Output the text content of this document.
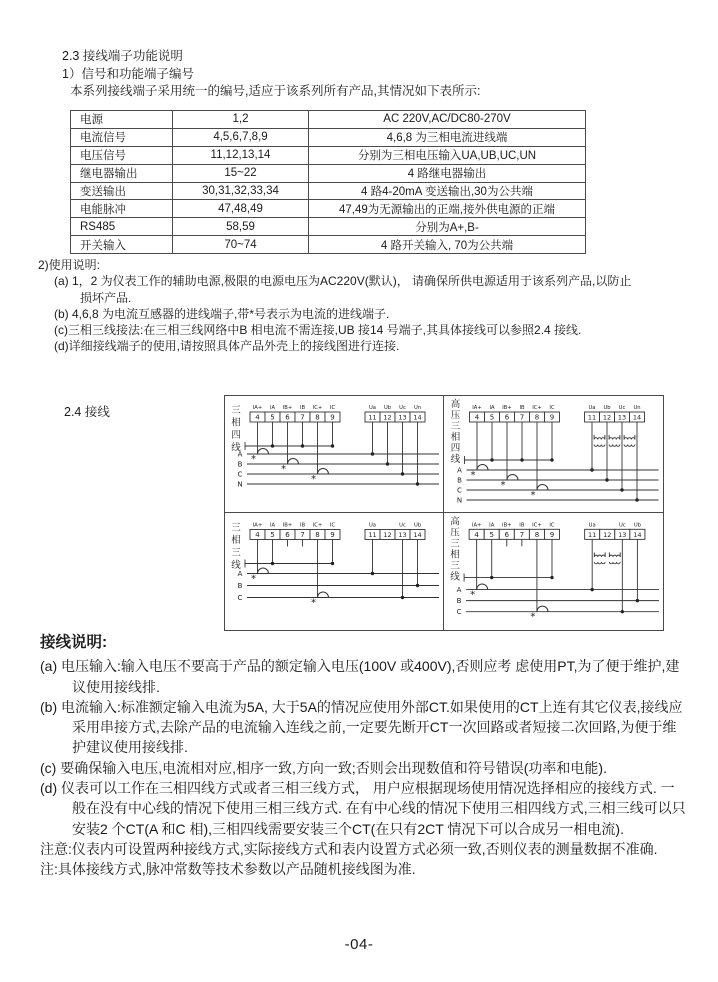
2.3 接线端子功能说明
1）信号和功能端子编号
本系列接线端子采用统一的编号,适应于该系列所有产品,其情况如下表所示:
电源	1,2	AC 220V,AC/DC80-270V
电流信号	4,5,6,7,8,9	4,6,8 为三相电流进线端
电压信号	11,12,13,14	分别为三相电压输入UA,UB,UC,UN
继电器输出	15~22	4 路继电器输出
变送输出	30,31,32,33,34	4 路4-20mA 变送输出,30为公共端
电能脉冲	47,48,49	47,49为无源输出的正端,接外供电源的正端
RS485	58,59	分别为A+,B-
开关输入	70~74	4 路开关输入, 70为公共端
2)使用说明:
(a) 1，2 为仪表工作的辅助电源,极限的电源电压为AC220V(默认)， 请确保所供电源适用于该系列产品,以防止损坏产品.
(b) 4,6,8 为电流互感器的进线端子,带*号表示为电流的进线端子.
(c)三相三线接法:在三相三线网络中B 相电流不需连接,UB 接14 号端子,其具体接线可以参照2.4 接线.
(d)详细接线端子的使用,请按照具体产品外壳上的接线图进行连接.
2.4 接线	三
相
四
线
IA+
4
IA
5
IB+
6
IB
7
IC+
8
IC
9
Ua
11
Ub
12
Uc
13
Un
14
A
B
C
N
*
*
*
高
压
三
相
四
线
IA+
4
IA
5
IB+
6
IB
7
IC+
8
IC
9
Ua
11
Ub
12
Uc
13
Un
14
A
B
C
N
*
*
*
三
相
三
线
IA+
4
IA
5
IB+
6
IB
7
IC+
8
IC
9
Ua
11 12
Uc
13
Ub
14
A
B
C
*
*
高
压
三
相
三
线
IA+
4
IA
5
IB+
6
IB
7
IC+
8
IC
9
Ua
11 12
Uc
13
Ub
14
A
B
C
*
*
接线说明:
(a) 电压输入:输入电压不要高于产品的额定输入电压(100V 或400V),否则应考 虑使用PT,为了便于维护,建议使用接线排.
(b) 电流输入:标准额定输入电流为5A, 大于5A的情况应使用外部CT.如果使用的CT上连有其它仪表,接线应采用串接方式,去除产品的电流输入连线之前,一定要先断开CT一次回路或者短接二次回路,为便于维护建议使用接线排.
(c) 要确保输入电压,电流相对应,相序一致,方向一致;否则会出现数值和符号错误(功率和电能).
(d) 仪表可以工作在三相四线方式或者三相三线方式， 用户应根据现场使用情况选择相应的接线方式. 一般在没有中心线的情况下使用三相三线方式. 在有中心线的情况下使用三相四线方式,三相三线可以只安装2 个CT(A 和C 相),三相四线需要安装三个CT(在只有2CT 情况下可以合成另一相电流).
注意:仪表内可设置两种接线方式,实际接线方式和表内设置方式必须一致,否则仪表的测量数据不准确.
注:具体接线方式,脉冲常数等技术参数以产品随机接线图为准.
-04-
